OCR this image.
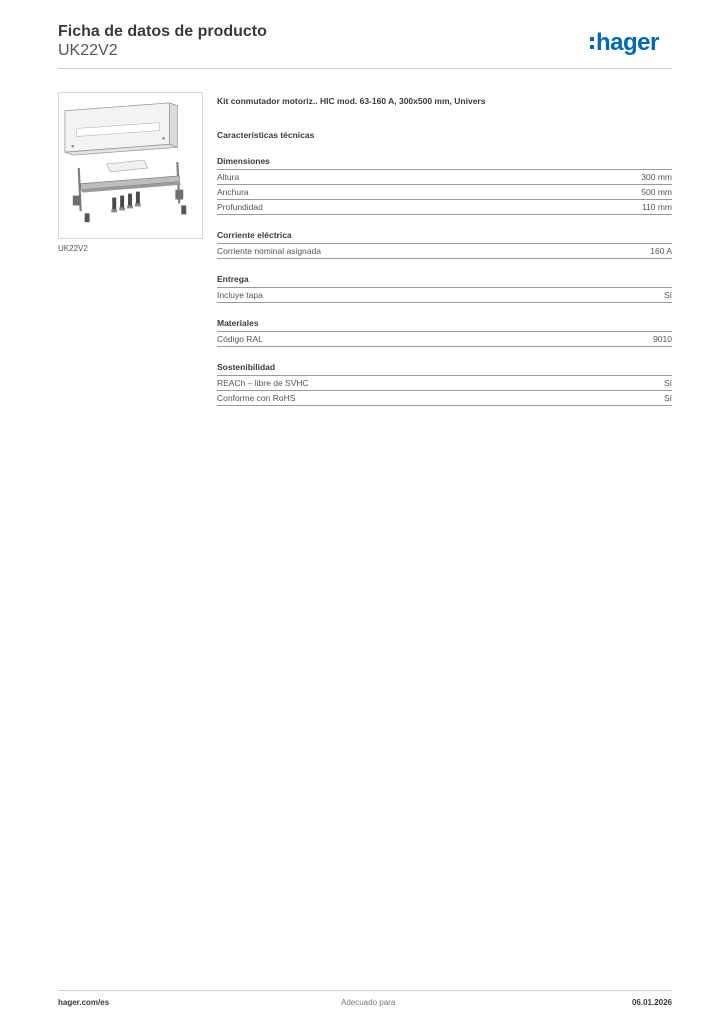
Ficha de datos de producto
UK22V2	hager
UK22V2
Kit conmutador motoriz.. HIC mod. 63-160 A, 300x500 mm, Univers
Características técnicas
Dimensiones
Altura	300 mm
Anchura	500 mm
Profundidad	110 mm
Corriente eléctrica
Corriente nominal asignada	160 A
Entrega
Incluye tapa	Sí
Materiales
Código RAL	9010
Sostenibilidad
REACh – libre de SVHC	Sí
Conforme con RoHS	Sí
hager.com/es	Adecuado para	06.01.2026
